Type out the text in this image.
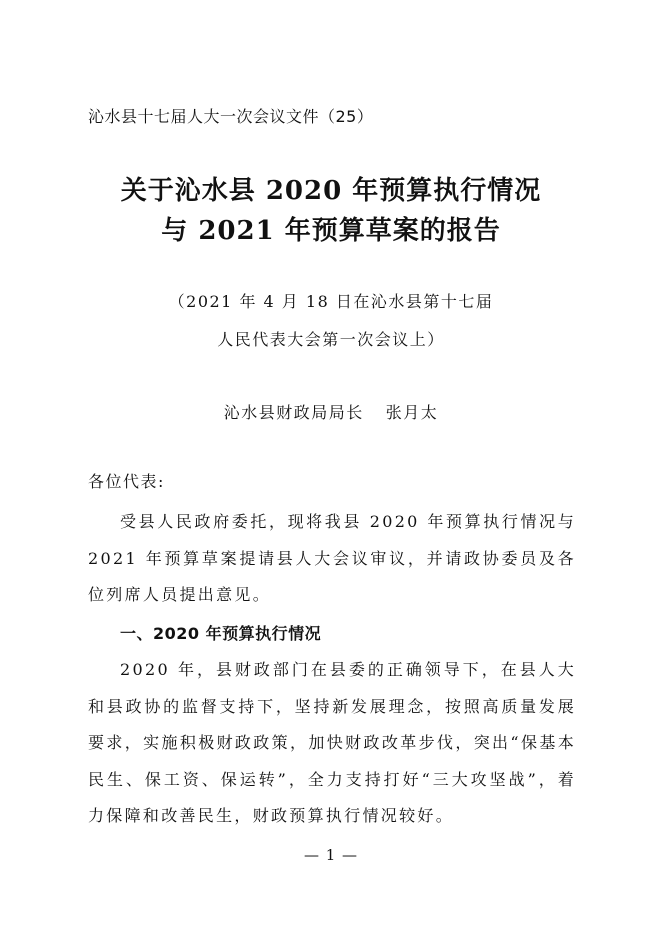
沁水县十七届人大一次会议文件（25）
关于沁水县 2020 年预算执行情况
与 2021 年预算草案的报告
（2021 年 4 月 18 日在沁水县第十七届
人民代表大会第一次会议上）
沁水县财政局局长 张月太
各位代表:
受县人民政府委托，现将我县 2020 年预算执行情况与 2021 年预算草案提请县人大会议审议，并请政协委员及各位列席人员提出意见。
一、2020 年预算执行情况
2020 年，县财政部门在县委的正确领导下，在县人大和县政协的监督支持下，坚持新发展理念，按照高质量发展要求，实施积极财政政策，加快财政改革步伐，突出“保基本民生、保工资、保运转”，全力支持打好“三大攻坚战”，着力保障和改善民生，财政预算执行情况较好。
— 1 —
